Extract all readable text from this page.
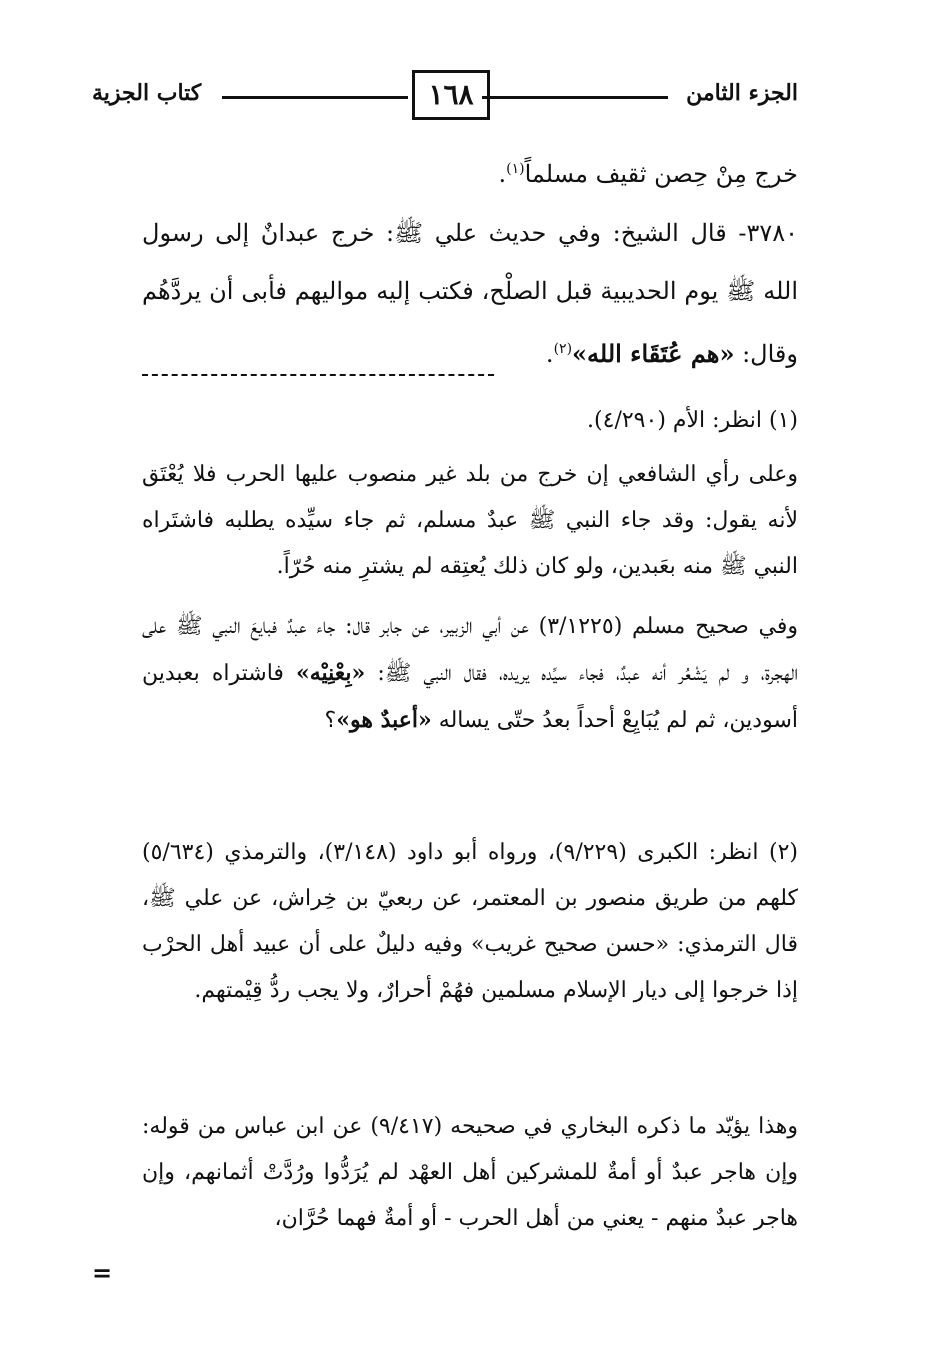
الجزء الثامن
١٦٨
كتاب الجزية
خرج مِنْ حِصن ثقيف مسلماً$^{(١)}$.
٣٧٨٠- قال الشيخ: وفي حديث علي ﷺ: خرج عبدانٌ إلى رسول الله ﷺ يوم الحديبية قبل الصلْح، فكتب إليه مواليهم فأبى أن يردَّهُم وقال: «هم عُتَقَاء الله»$^{(٢)}$.
(١) انظر: الأم (٤/٢٩٠).
وعلى رأي الشافعي إن خرج من بلد غير منصوب عليها الحرب فلا يُعْتَق لأنه يقول: وقد جاء النبي ﷺ عبدٌ مسلم، ثم جاء سيِّده يطلبه فاشتَراه النبي ﷺ منه بعَبدين، ولو كان ذلك يُعتِقه لم يشترِ منه حُرّاً.
وفي صحيح مسلم (٣/١٢٢٥) عن أبي الزبير، عن جابر قال: جاء عبدٌ فبايعَ النبي ﷺ على الهجرة، و لم يَشْعُر أنه عبدٌ، فجاء سيِّده يريده، فقال النبي ﷺ: «بِعْنِيْه» فاشتراه بعبدين أسودين، ثم لم يُبَايِعْ أحداً بعدُ حتّى يساله «أعبدٌ هو»؟
(٢) انظر: الكبرى (٩/٢٢٩)، ورواه أبو داود (٣/١٤٨)، والترمذي (٥/٦٣٤) كلهم من طريق منصور بن المعتمر، عن ربعيّ بن خِراش، عن علي ﷺ، قال الترمذي: «حسن صحيح غريب» وفيه دليلٌ على أن عبيد أهل الحرْب إذا خرجوا إلى ديار الإسلام مسلمين فهُمْ أحرارٌ، ولا يجب ردُّ قِيْمتهم.
وهذا يؤيّد ما ذكره البخاري في صحيحه (٩/٤١٧) عن ابن عباس من قوله: وإن هاجر عبدٌ أو أمةٌ للمشركين أهل العهْد لم يُرَدُّوا ورُدَّتْ أثمانهم، وإن هاجر عبدٌ منهم - يعني من أهل الحرب - أو أمةٌ فهما حُرَّان،
=
